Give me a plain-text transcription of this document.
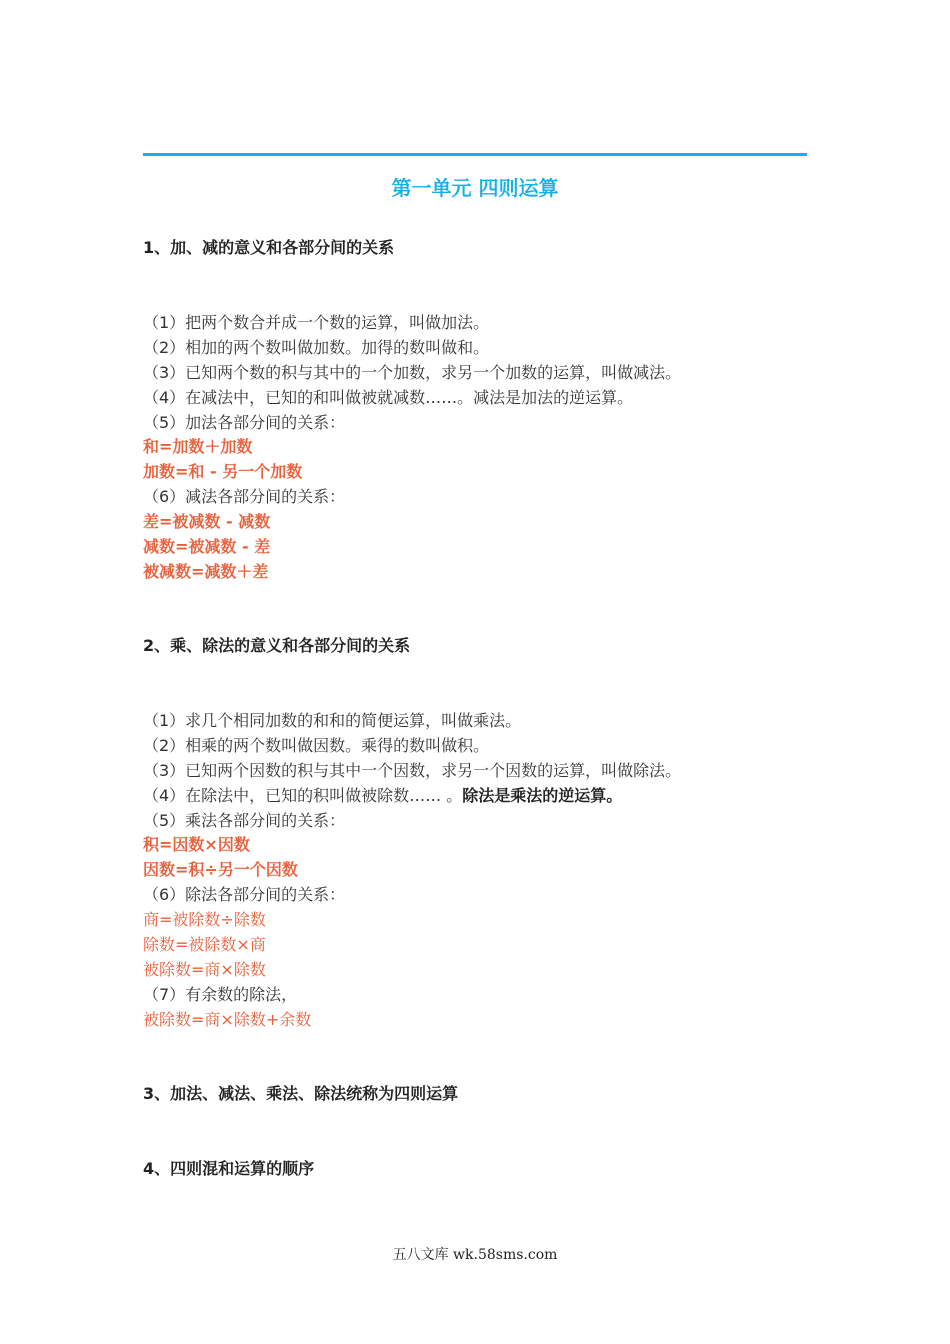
第一单元 四则运算
1、加、减的意义和各部分间的关系
（1）把两个数合并成一个数的运算，叫做加法。
（2）相加的两个数叫做加数。加得的数叫做和。
（3）已知两个数的积与其中的一个加数，求另一个加数的运算，叫做减法。
（4）在减法中，已知的和叫做被就减数……。减法是加法的逆运算。
（5）加法各部分间的关系：
和=加数＋加数
加数=和 - 另一个加数
（6）减法各部分间的关系：
差=被减数 - 减数
减数=被减数 - 差
被减数=减数＋差
2、乘、除法的意义和各部分间的关系
（1）求几个相同加数的和和的简便运算，叫做乘法。
（2）相乘的两个数叫做因数。乘得的数叫做积。
（3）已知两个因数的积与其中一个因数，求另一个因数的运算，叫做除法。
（4）在除法中，已知的积叫做被除数…… 。除法是乘法的逆运算。
（5）乘法各部分间的关系：
积=因数×因数
因数=积÷另一个因数
（6）除法各部分间的关系：
商=被除数÷除数
除数=被除数×商
被除数=商×除数
（7）有余数的除法，
被除数=商×除数+余数
3、加法、减法、乘法、除法统称为四则运算
4、四则混和运算的顺序
五八文库 wk.58sms.com
